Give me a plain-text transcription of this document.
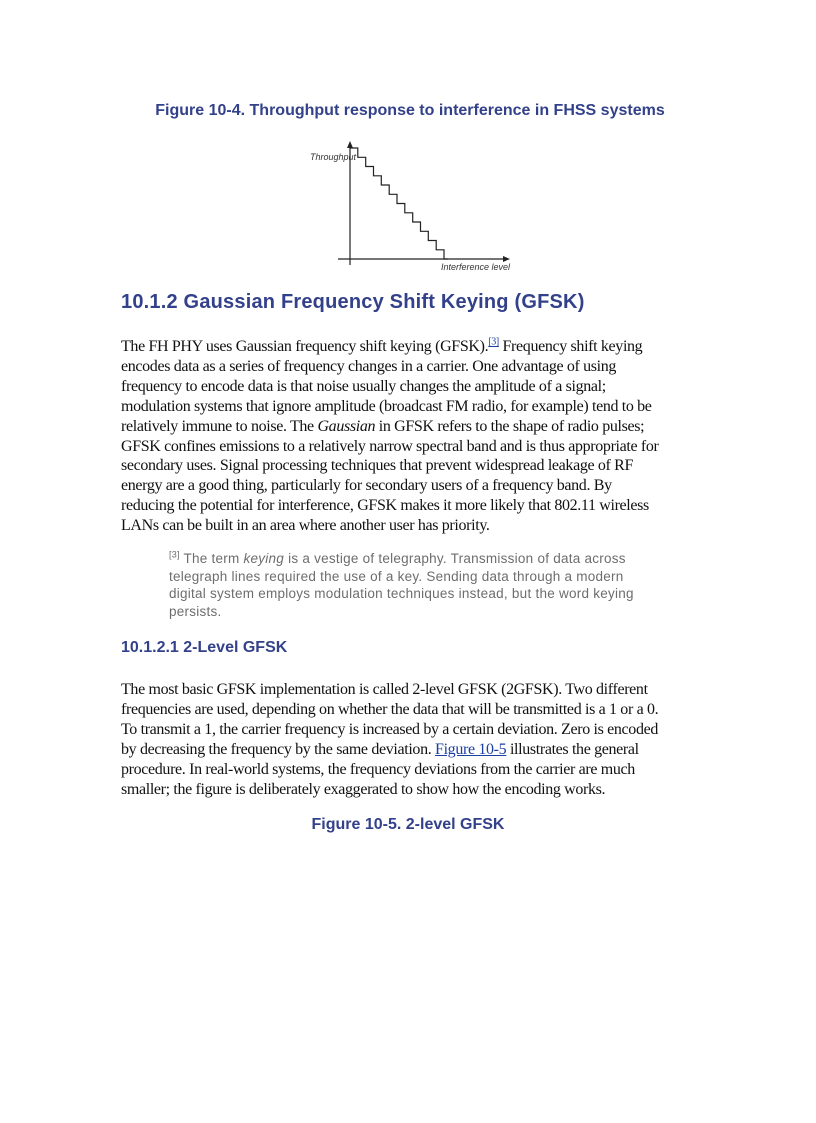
Figure 10-4. Throughput response to interference in FHSS systems
Throughput
Interference level
10.1.2 Gaussian Frequency Shift Keying (GFSK)

The FH PHY uses Gaussian frequency shift keying (GFSK).[3] Frequency shift keying encodes data as a series of frequency changes in a carrier. One advantage of using frequency to encode data is that noise usually changes the amplitude of a signal; modulation systems that ignore amplitude (broadcast FM radio, for example) tend to be relatively immune to noise. The Gaussian in GFSK refers to the shape of radio pulses; GFSK confines emissions to a relatively narrow spectral band and is thus appropriate for secondary uses. Signal processing techniques that prevent widespread leakage of RF energy are a good thing, particularly for secondary users of a frequency band. By reducing the potential for interference, GFSK makes it more likely that 802.11 wireless LANs can be built in an area where another user has priority.

[3] The term keying is a vestige of telegraphy. Transmission of data across telegraph lines required the use of a key. Sending data through a modern digital system employs modulation techniques instead, but the word keying persists.

10.1.2.1 2-Level GFSK

The most basic GFSK implementation is called 2-level GFSK (2GFSK). Two different frequencies are used, depending on whether the data that will be transmitted is a 1 or a 0. To transmit a 1, the carrier frequency is increased by a certain deviation. Zero is encoded by decreasing the frequency by the same deviation. Figure 10-5 illustrates the general procedure. In real-world systems, the frequency deviations from the carrier are much smaller; the figure is deliberately exaggerated to show how the encoding works.

Figure 10-5. 2-level GFSK
